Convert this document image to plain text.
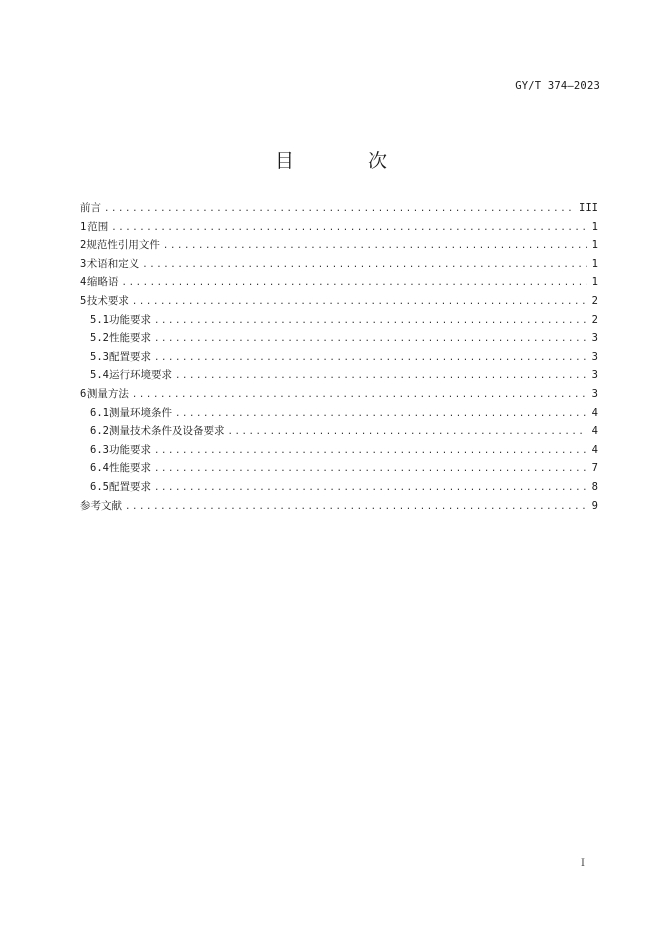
GY/T 374—2023
目 次
前言 .....	III
1 范围 .....	1
2 规范性引用文件 .....	1
3 术语和定义 .....	1
4 缩略语 .....	1
5 技术要求 .....	2
5.1 功能要求 .....	2
5.2 性能要求 .....	3
5.3 配置要求 .....	3
5.4 运行环境要求 .....	3
6 测量方法 .....	3
6.1 测量环境条件 .....	4
6.2 测量技术条件及设备要求 .....	4
6.3 功能要求 .....	4
6.4 性能要求 .....	7
6.5 配置要求 .....	8
参考文献 .....	9
I
